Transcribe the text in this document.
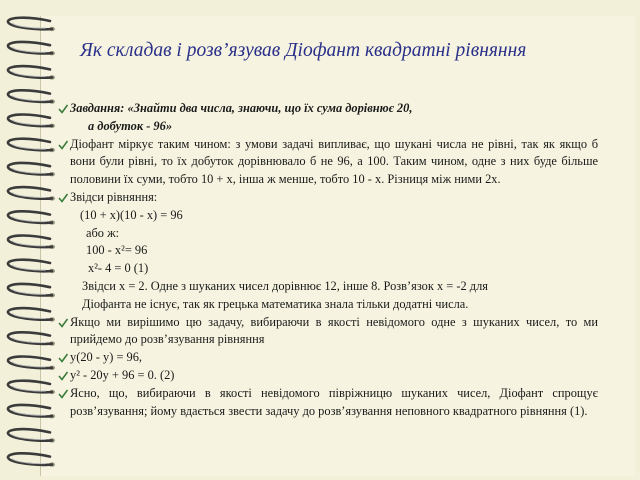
Як складав і розв’язував Діофант квадратні рівняння
Завдання: «Знайти два числа, знаючи, що їх сума дорівнює 20,
а добуток - 96»
Діофант міркує таким чином: з умови задачі випливає, що шукані числа не рівні, так як якщо б вони були рівні, то їх добуток дорівнювало б не 96, а 100. Таким чином, одне з них буде більше половини їх суми, тобто 10 + х, інша ж менше, тобто 10 - х. Різниця між ними 2х.
Звідси рівняння:
(10 + х)(10 - х) = 96
або ж:
100 - х²= 96
х²- 4 = 0 (1)
Звідси х = 2. Одне з шуканих чисел дорівнює 12, інше 8. Розв’язок х = -2 для
Діофанта не існує, так як грецька математика знала тільки додатні числа.
Якщо ми вирішимо цю задачу, вибираючи в якості невідомого одне з шуканих чисел, то ми прийдемо до розв’язування рівняння
у(20 - у) = 96,
у² - 20у + 96 = 0. (2)
Ясно, що, вибираючи в якості невідомого півріжницю шуканих чисел, Діофант спрощує розв’язування; йому вдається звести задачу до розв’язування неповного квадратного рівняння (1).
